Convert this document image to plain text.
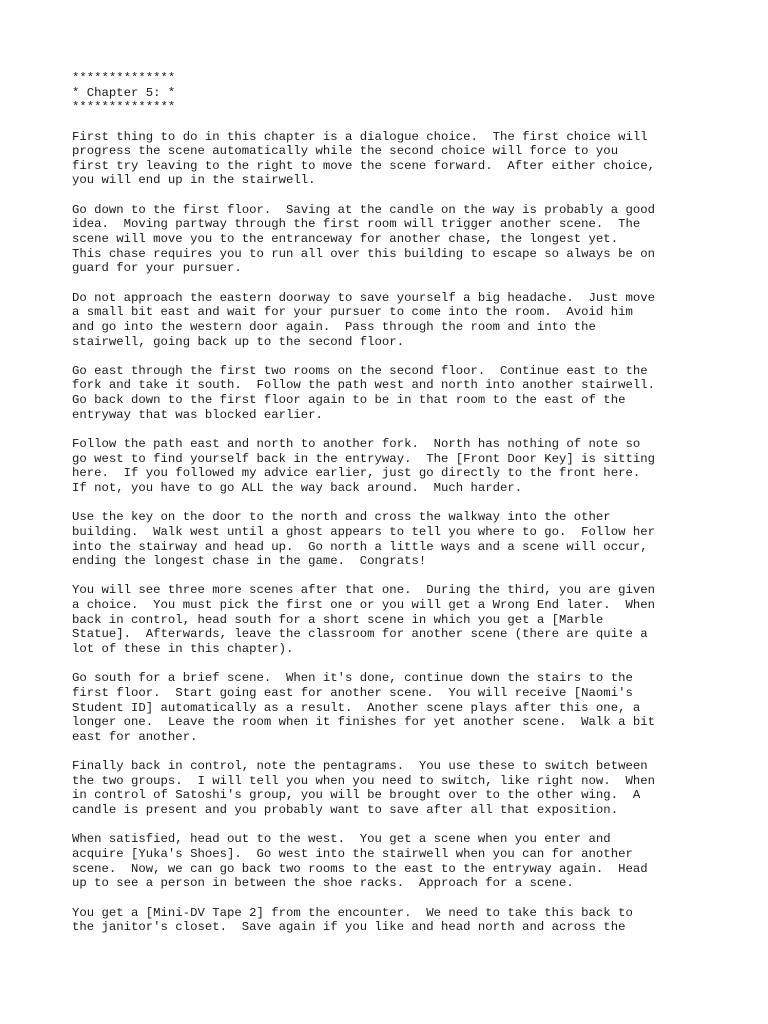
**************
* Chapter 5: *
**************
First thing to do in this chapter is a dialogue choice.  The first choice will
progress the scene automatically while the second choice will force to you
first try leaving to the right to move the scene forward.  After either choice,
you will end up in the stairwell.
Go down to the first floor.  Saving at the candle on the way is probably a good
idea.  Moving partway through the first room will trigger another scene.  The
scene will move you to the entranceway for another chase, the longest yet.
This chase requires you to run all over this building to escape so always be on
guard for your pursuer.
Do not approach the eastern doorway to save yourself a big headache.  Just move
a small bit east and wait for your pursuer to come into the room.  Avoid him
and go into the western door again.  Pass through the room and into the
stairwell, going back up to the second floor.
Go east through the first two rooms on the second floor.  Continue east to the
fork and take it south.  Follow the path west and north into another stairwell.
Go back down to the first floor again to be in that room to the east of the
entryway that was blocked earlier.
Follow the path east and north to another fork.  North has nothing of note so
go west to find yourself back in the entryway.  The [Front Door Key] is sitting
here.  If you followed my advice earlier, just go directly to the front here.
If not, you have to go ALL the way back around.  Much harder.
Use the key on the door to the north and cross the walkway into the other
building.  Walk west until a ghost appears to tell you where to go.  Follow her
into the stairway and head up.  Go north a little ways and a scene will occur,
ending the longest chase in the game.  Congrats!
You will see three more scenes after that one.  During the third, you are given
a choice.  You must pick the first one or you will get a Wrong End later.  When
back in control, head south for a short scene in which you get a [Marble
Statue].  Afterwards, leave the classroom for another scene (there are quite a
lot of these in this chapter).
Go south for a brief scene.  When it's done, continue down the stairs to the
first floor.  Start going east for another scene.  You will receive [Naomi's
Student ID] automatically as a result.  Another scene plays after this one, a
longer one.  Leave the room when it finishes for yet another scene.  Walk a bit
east for another.
Finally back in control, note the pentagrams.  You use these to switch between
the two groups.  I will tell you when you need to switch, like right now.  When
in control of Satoshi's group, you will be brought over to the other wing.  A
candle is present and you probably want to save after all that exposition.
When satisfied, head out to the west.  You get a scene when you enter and
acquire [Yuka's Shoes].  Go west into the stairwell when you can for another
scene.  Now, we can go back two rooms to the east to the entryway again.  Head
up to see a person in between the shoe racks.  Approach for a scene.
You get a [Mini-DV Tape 2] from the encounter.  We need to take this back to
the janitor's closet.  Save again if you like and head north and across the
